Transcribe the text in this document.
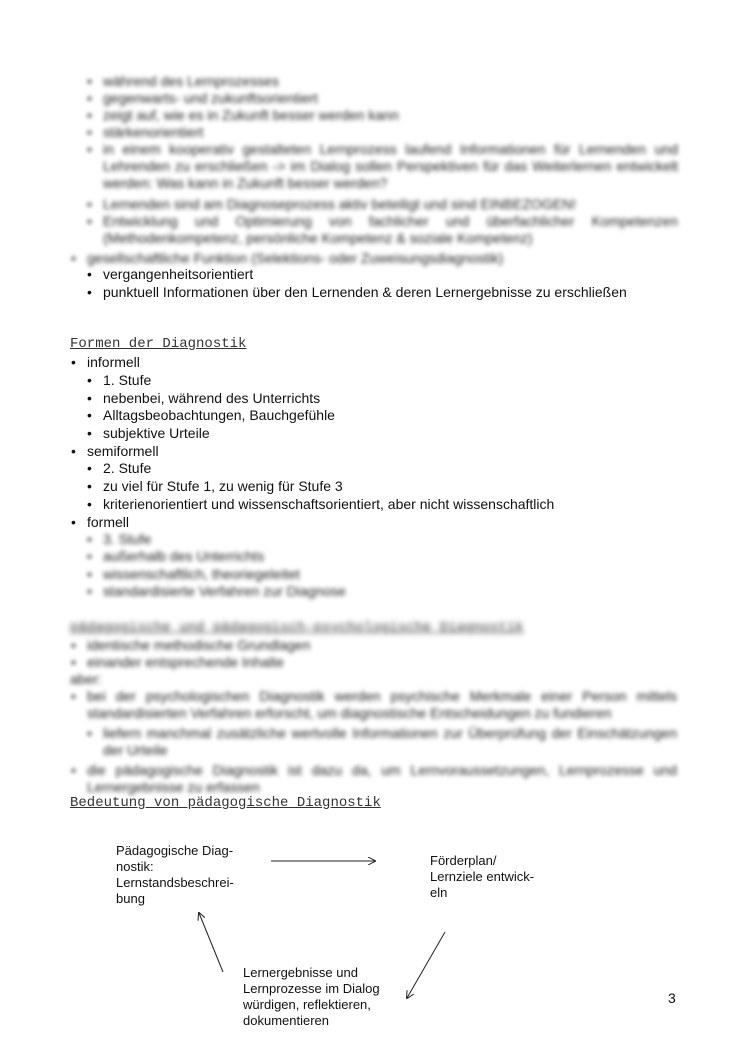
• während des Lernprozesses
• gegenwarts- und zukunftsorientiert
• zeigt auf, wie es in Zukunft besser werden kann
• stärkenorientiert
• in einem kooperativ gestalteten Lernprozess laufend Informationen für Lernenden und Lehrenden zu erschließen -> im Dialog sollen Perspektiven für das Weiterlernen entwickelt werden: Was kann in Zukunft besser werden?
• Lernenden sind am Diagnoseprozess aktiv beteiligt und sind EINBEZOGEN!
• Entwicklung und Optimierung von fachlicher und überfachlicher Kompetenzen (Methodenkompetenz, persönliche Kompetenz & soziale Kompetenz)
• gesellschaftliche Funktion (Selektions- oder Zuweisungsdiagnostik)
• vergangenheitsorientiert
• punktuell Informationen über den Lernenden & deren Lernergebnisse zu erschließen
Formen der Diagnostik
• informell
• 1. Stufe
• nebenbei, während des Unterrichts
• Alltagsbeobachtungen, Bauchgefühle
• subjektive Urteile
• semiformell
• 2. Stufe
• zu viel für Stufe 1, zu wenig für Stufe 3
• kriterienorientiert und wissenschaftsorientiert, aber nicht wissenschaftlich
• formell
• 3. Stufe
• außerhalb des Unterrichts
• wissenschaftlich, theoriegeleitet
• standardisierte Verfahren zur Diagnose
pädagogische und pädagogisch-psychologische Diagnostik
• identische methodische Grundlagen
• einander entsprechende Inhalte
aber:
• bei der psychologischen Diagnostik werden psychische Merkmale einer Person mittels standardisierten Verfahren erforscht, um diagnostische Entscheidungen zu fundieren
• liefern manchmal zusätzliche wertvolle Informationen zur Überprüfung der Einschätzungen der Urteile
• die pädagogische Diagnostik ist dazu da, um Lernvoraussetzungen, Lernprozesse und Lernergebnisse zu erfassen
Bedeutung von pädagogische Diagnostik
Pädagogische Diag-
nostik:
Lernstandsbeschrei-
bung
Förderplan/
Lernziele entwick-
eln
Lernergebnisse und
Lernprozesse im Dialog
würdigen, reflektieren,
dokumentieren
3
